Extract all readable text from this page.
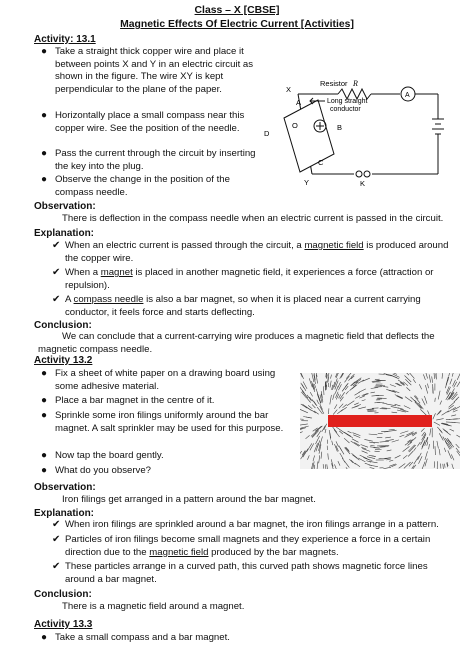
Class – X [CBSE]
Magnetic Effects Of Electric Current [Activities]
Activity: 13.1
● Take a straight thick copper wire and place it between points X and Y in an electric circuit as shown in the figure. The wire XY is kept perpendicular to the plane of the paper.
● Horizontally place a small compass near this copper wire. See the position of the needle.
● Pass the current through the circuit by inserting the key into the plug.
● Observe the change in the position of the compass needle.
Resistor R
A
Long straight
conductor
X
A
B
C
D
O
Y	K
Observation:
There is deflection in the compass needle when an electric current is passed in the circuit.
Explanation:
✔ When an electric current is passed through the circuit, a magnetic field is produced around the copper wire.
✔ When a magnet is placed in another magnetic field, it experiences a force (attraction or repulsion).
✔ A compass needle is also a bar magnet, so when it is placed near a current carrying conductor, it feels force and starts deflecting.
Conclusion:
We can conclude that a current-carrying wire produces a magnetic field that deflects the magnetic compass needle.
Activity 13.2
● Fix a sheet of white paper on a drawing board using some adhesive material.
● Place a bar magnet in the centre of it.
● Sprinkle some iron filings uniformly around the bar magnet. A salt sprinkler may be used for this purpose.
● Now tap the board gently.
● What do you observe?
Observation:
Iron filings get arranged in a pattern around the bar magnet.
Explanation:
✔ When iron filings are sprinkled around a bar magnet, the iron filings arrange in a pattern.
✔ Particles of iron filings become small magnets and they experience a force in a certain direction due to the magnetic field produced by the bar magnets.
✔ These particles arrange in a curved path, this curved path shows magnetic force lines around a bar magnet.
Conclusion:
There is a magnetic field around a magnet.
Activity 13.3
● Take a small compass and a bar magnet.
